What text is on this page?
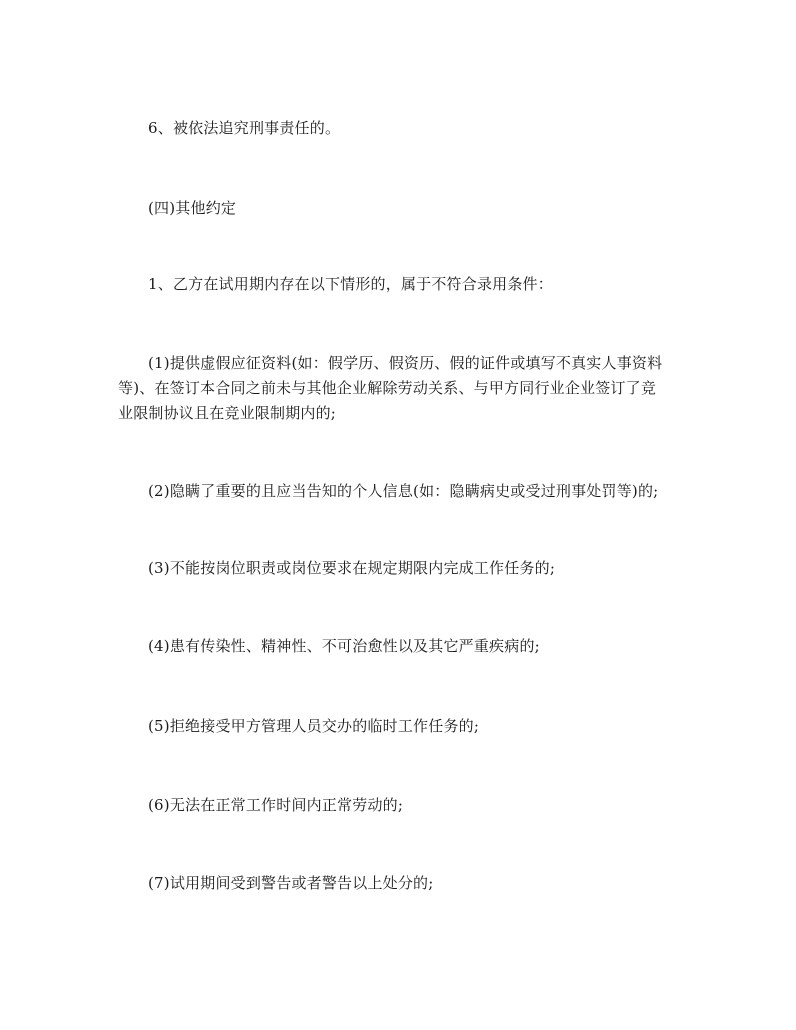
6、被依法追究刑事责任的。
(四)其他约定
1、乙方在试用期内存在以下情形的，属于不符合录用条件：
(1)提供虚假应征资料(如：假学历、假资历、假的证件或填写不真实人事资料
等)、在签订本合同之前未与其他企业解除劳动关系、与甲方同行业企业签订了竞
业限制协议且在竞业限制期内的;
(2)隐瞒了重要的且应当告知的个人信息(如：隐瞒病史或受过刑事处罚等)的;
(3)不能按岗位职责或岗位要求在规定期限内完成工作任务的;
(4)患有传染性、精神性、不可治愈性以及其它严重疾病的;
(5)拒绝接受甲方管理人员交办的临时工作任务的;
(6)无法在正常工作时间内正常劳动的;
(7)试用期间受到警告或者警告以上处分的;
